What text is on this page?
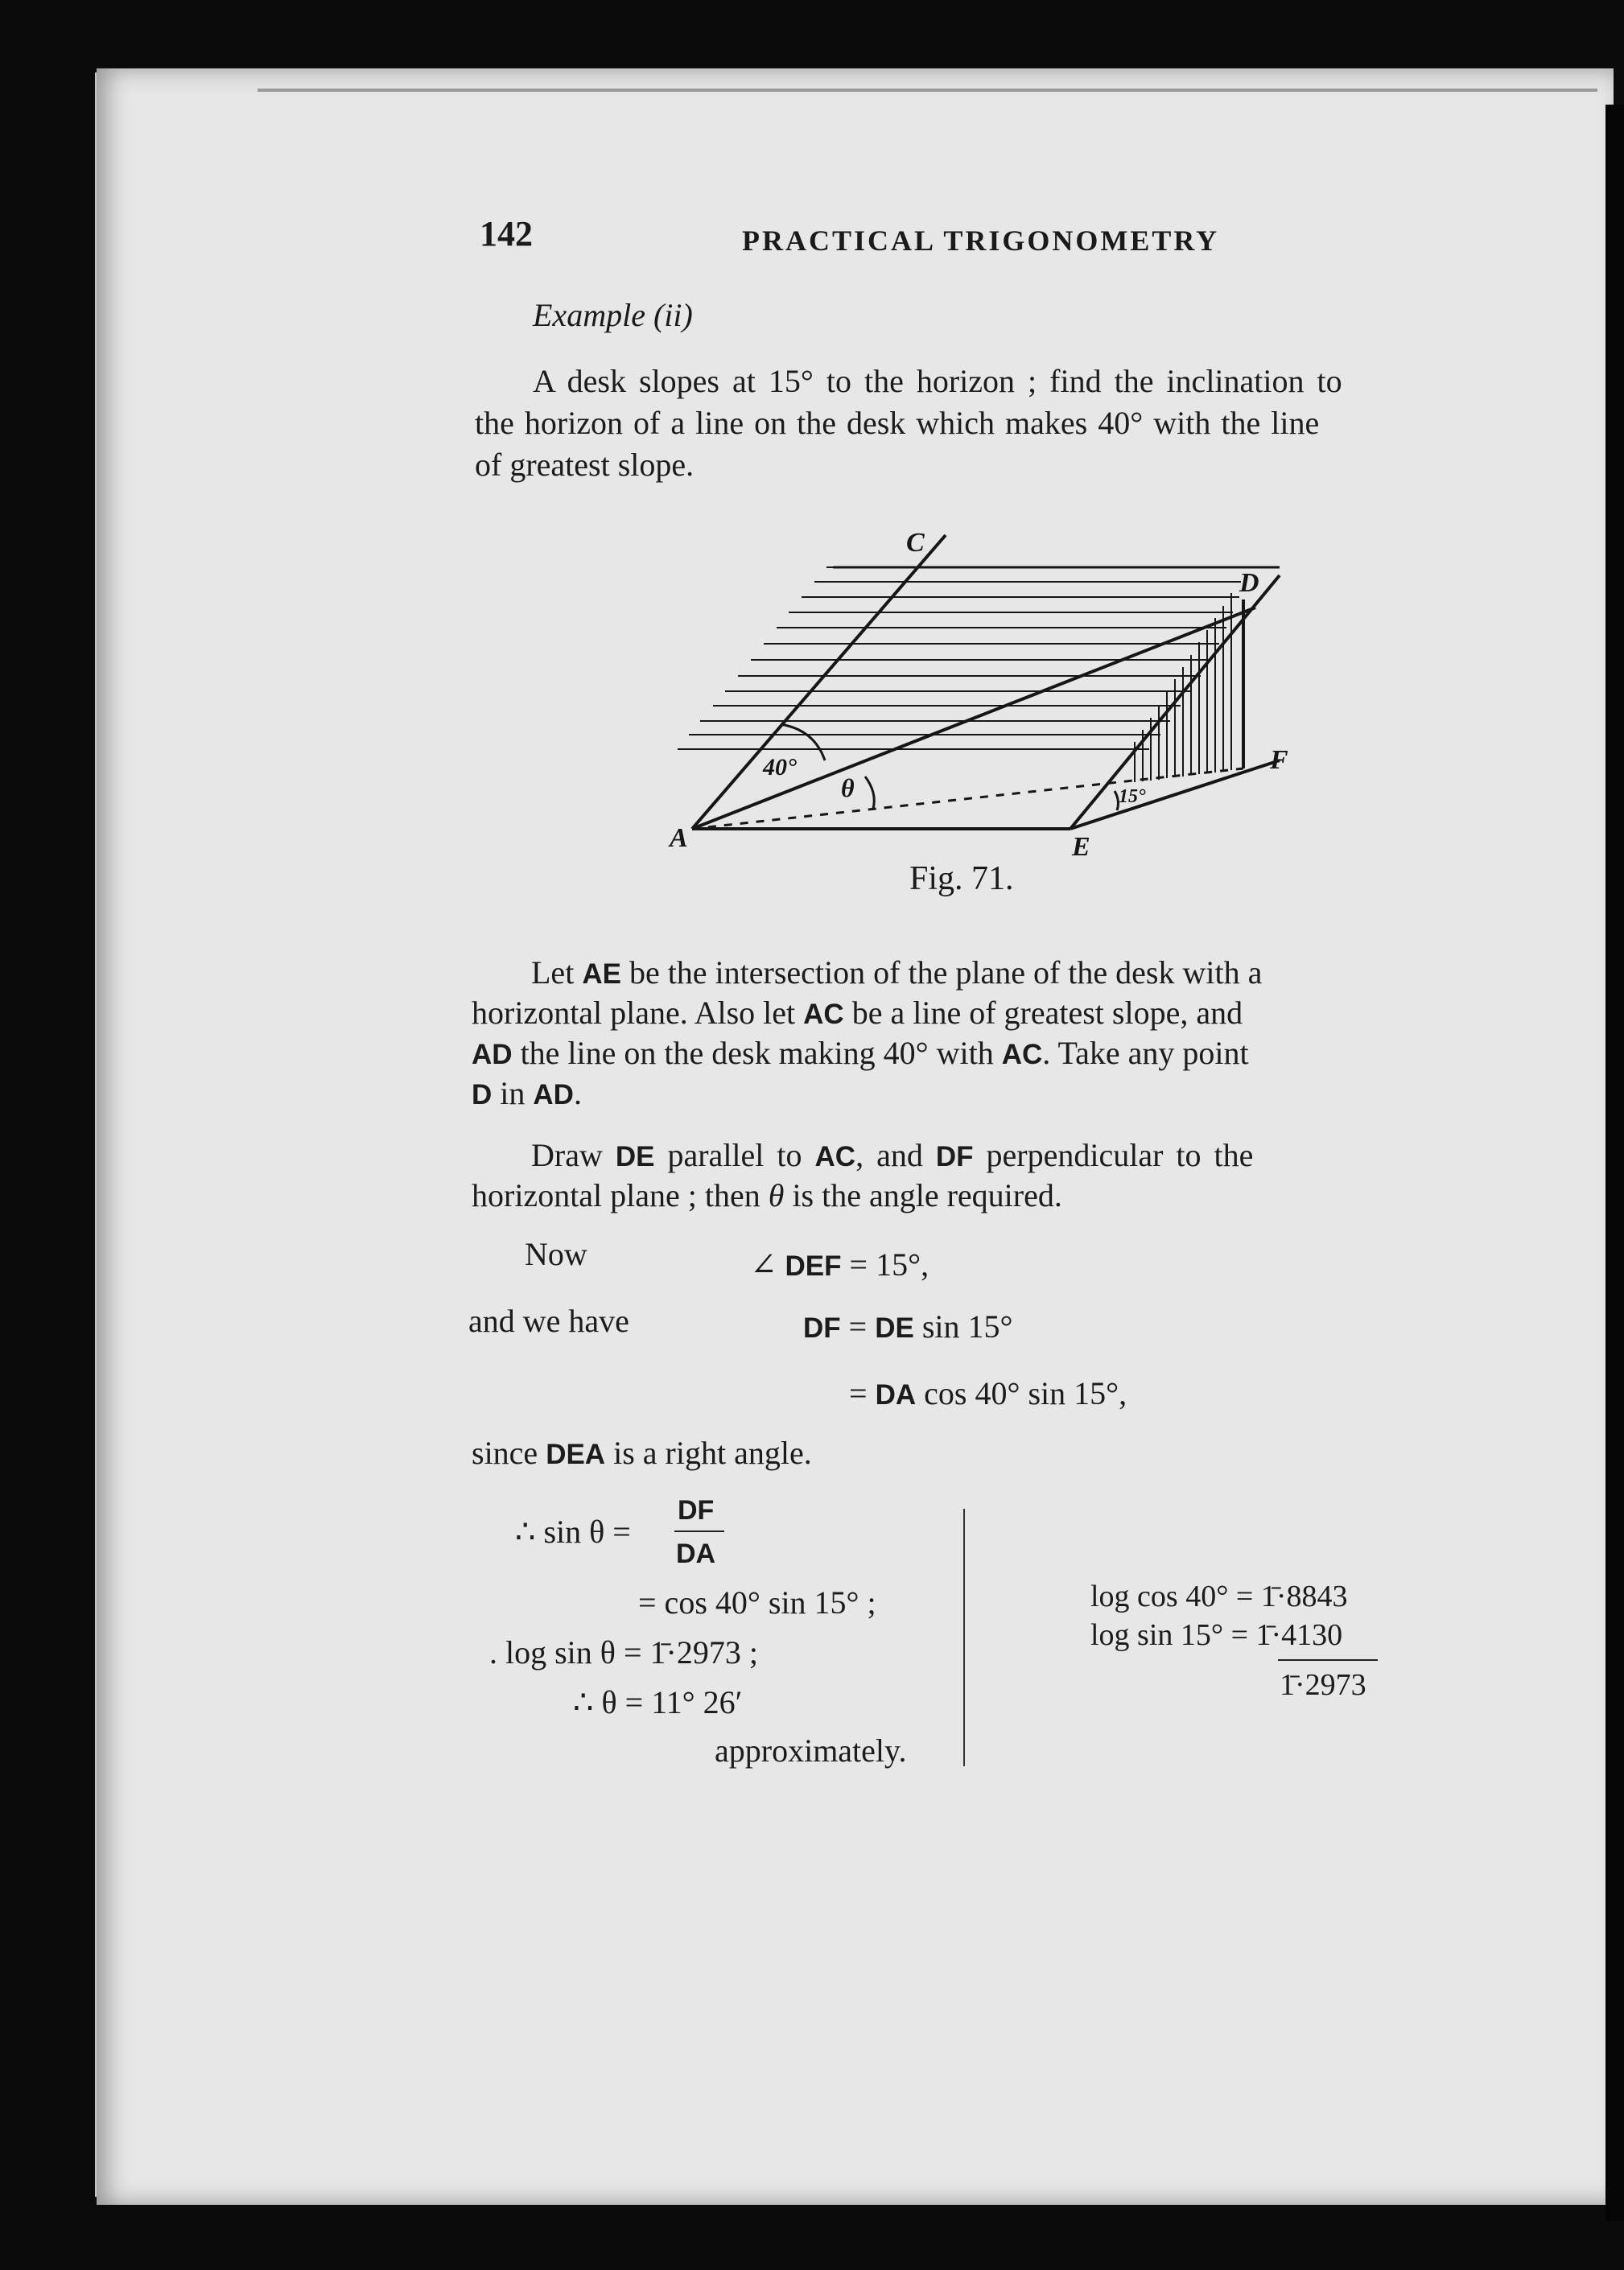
142	PRACTICAL TRIGONOMETRY
Example (ii)
A desk slopes at 15° to the horizon ; find the inclination to
the horizon of a line on the desk which makes 40° with the line
of greatest slope.
C
D
F
A	E
40°
θ	15°
Fig. 71.
Let AE be the intersection of the plane of the desk with a
horizontal plane. Also let AC be a line of greatest slope, and
AD the line on the desk making 40° with AC. Take any point
D in AD.
Draw DE parallel to AC, and DF perpendicular to the
horizontal plane ; then θ is the angle required.
Now	∠ DEF = 15°,
and we have	DF = DE sin 15°
= DA cos 40° sin 15°,
since DEA is a right angle.
∴ sin θ =
DF
DA
= cos 40° sin 15° ;
. log sin θ = 1̄·2973 ;
∴ θ = 11° 26′
approximately.
log cos 40° = 1̄·8843
log sin 15° = 1̄·4130
1̄·2973
